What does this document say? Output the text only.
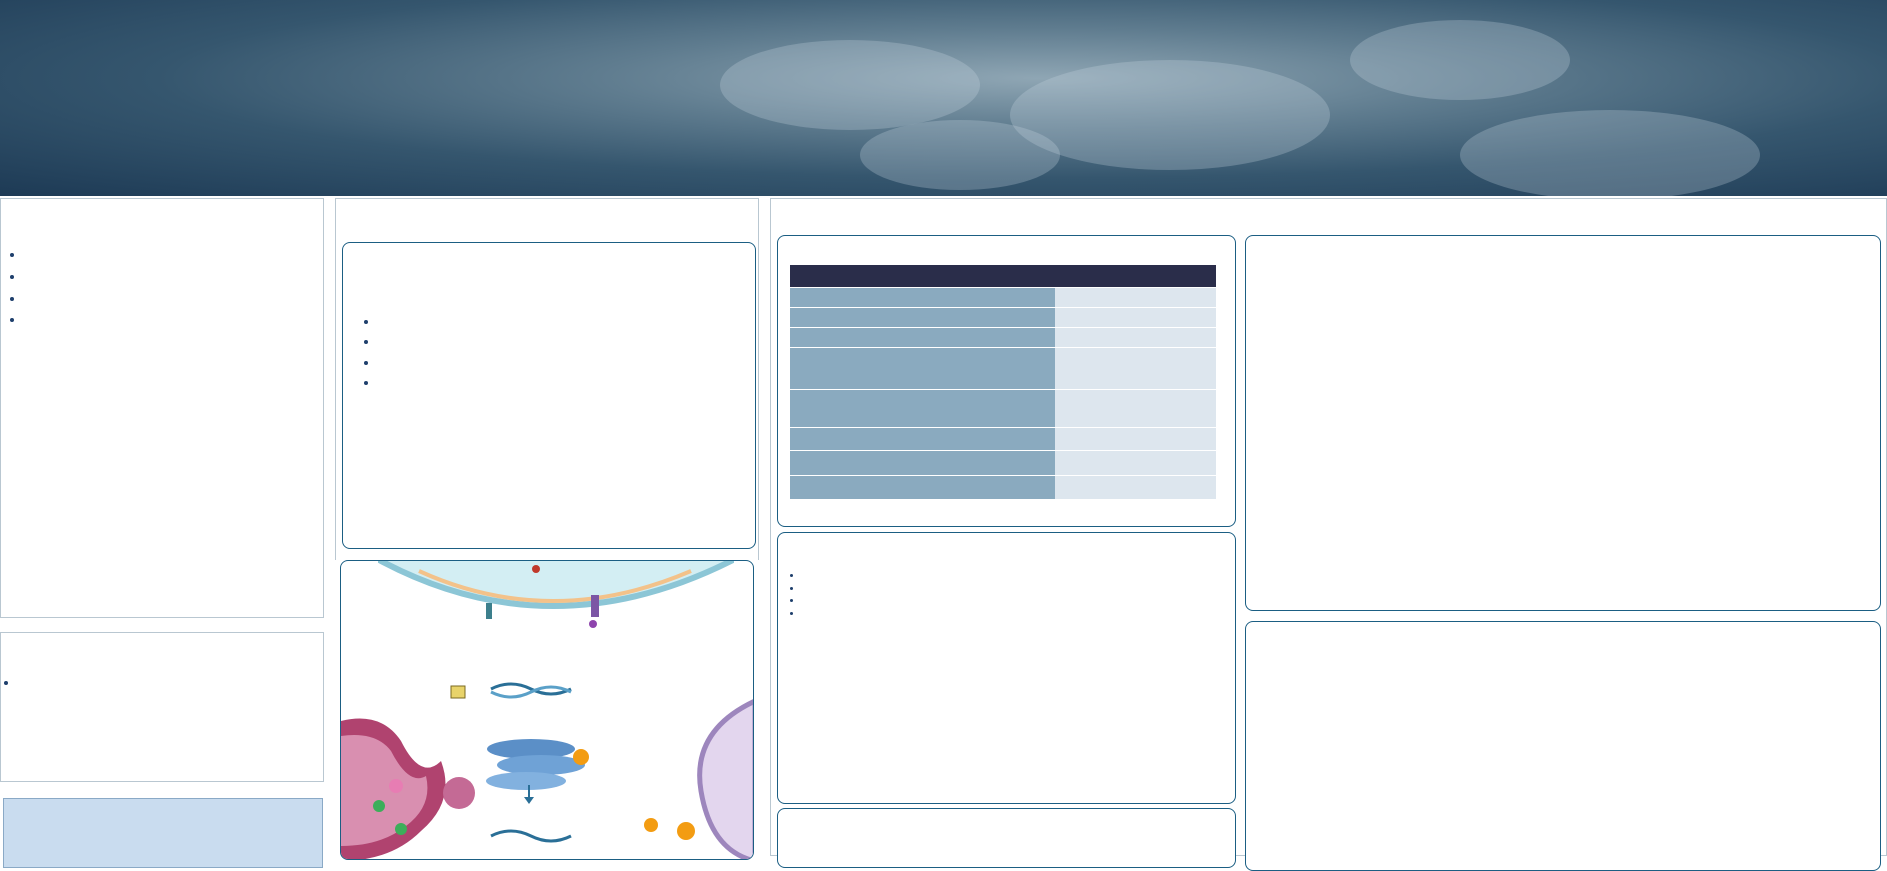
•
•
•
•
•
•
•
•
•

•
•
•
•
